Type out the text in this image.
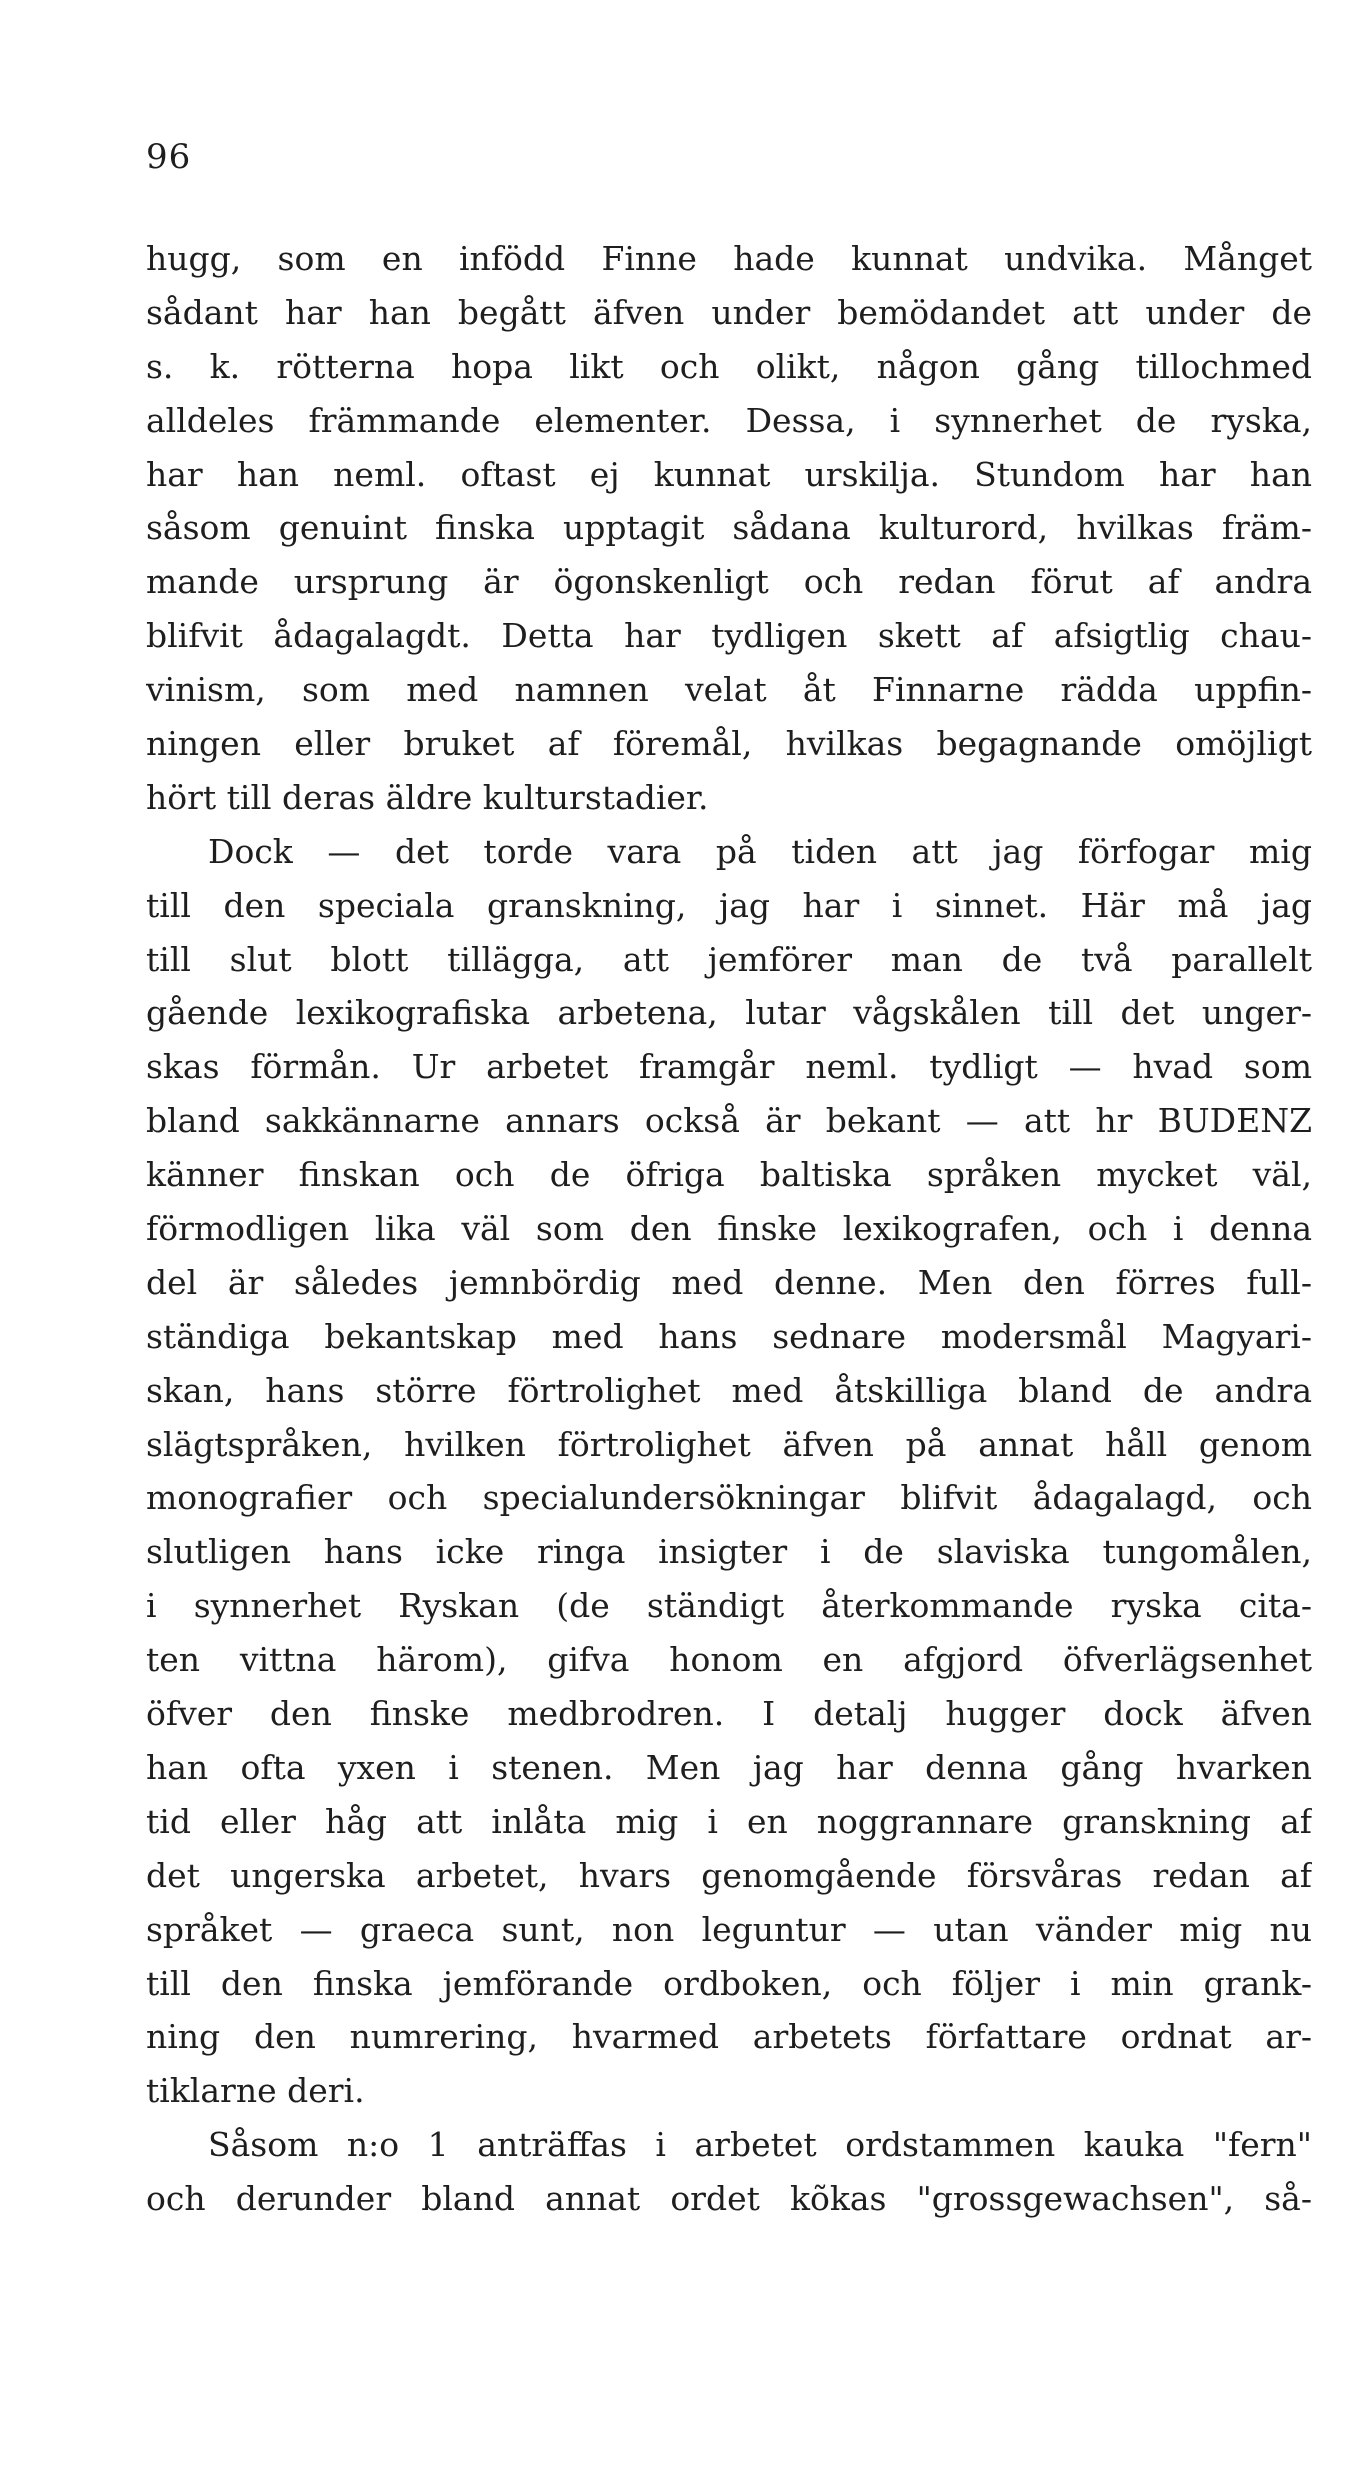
96
hugg, som en infödd Finne hade kunnat undvika. Månget
sådant har han begått äfven under bemödandet att under de
s. k. rötterna hopa likt och olikt, någon gång tillochmed
alldeles främmande elementer. Dessa, i synnerhet de ryska,
har han neml. oftast ej kunnat urskilja. Stundom har han
såsom genuint finska upptagit sådana kulturord, hvilkas främ-
mande ursprung är ögonskenligt och redan förut af andra
blifvit ådagalagdt. Detta har tydligen skett af afsigtlig chau-
vinism, som med namnen velat åt Finnarne rädda uppfin-
ningen eller bruket af föremål, hvilkas begagnande omöjligt
hört till deras äldre kulturstadier.
Dock — det torde vara på tiden att jag förfogar mig
till den speciala granskning, jag har i sinnet. Här må jag
till slut blott tillägga, att jemförer man de två parallelt
gående lexikografiska arbetena, lutar vågskålen till det unger-
skas förmån. Ur arbetet framgår neml. tydligt — hvad som
bland sakkännarne annars också är bekant — att hr BUDENZ
känner finskan och de öfriga baltiska språken mycket väl,
förmodligen lika väl som den finske lexikografen, och i denna
del är således jemnbördig med denne. Men den förres full-
ständiga bekantskap med hans sednare modersmål Magyari-
skan, hans större förtrolighet med åtskilliga bland de andra
slägtspråken, hvilken förtrolighet äfven på annat håll genom
monografier och specialundersökningar blifvit ådagalagd, och
slutligen hans icke ringa insigter i de slaviska tungomålen,
i synnerhet Ryskan (de ständigt återkommande ryska cita-
ten vittna härom), gifva honom en afgjord öfverlägsenhet
öfver den finske medbrodren. I detalj hugger dock äfven
han ofta yxen i stenen. Men jag har denna gång hvarken
tid eller håg att inlåta mig i en noggrannare granskning af
det ungerska arbetet, hvars genomgående försvåras redan af
språket — graeca sunt, non leguntur — utan vänder mig nu
till den finska jemförande ordboken, och följer i min grank-
ning den numrering, hvarmed arbetets författare ordnat ar-
tiklarne deri.
Såsom n:o 1 anträffas i arbetet ordstammen kauka "fern"
och derunder bland annat ordet kõkas "grossgewachsen", så-
